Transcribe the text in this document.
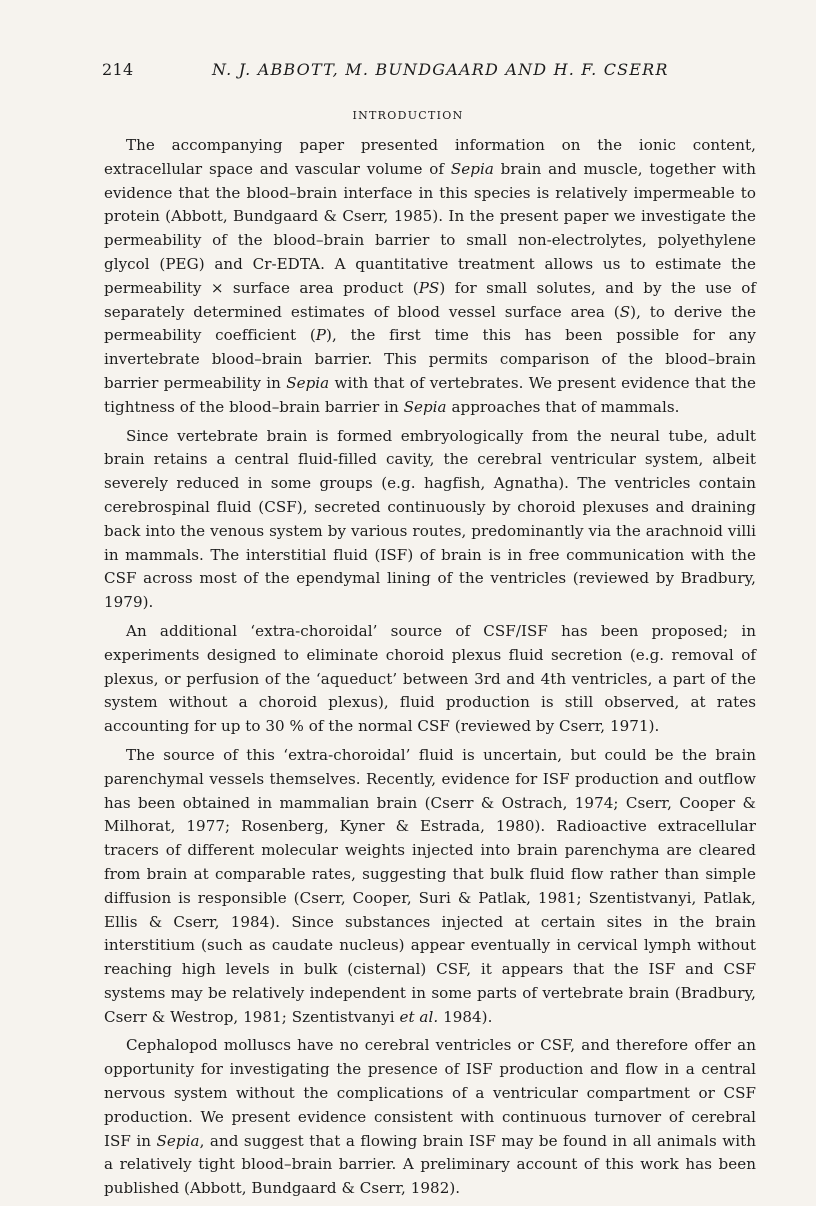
214	N. J. ABBOTT, M. BUNDGAARD AND H. F. CSERR
INTRODUCTION

The accompanying paper presented information on the ionic content, extracellular space and vascular volume of Sepia brain and muscle, together with evidence that the blood–brain interface in this species is relatively impermeable to protein (Abbott, Bundgaard & Cserr, 1985). In the present paper we investigate the permeability of the blood–brain barrier to small non-electrolytes, polyethylene glycol (PEG) and Cr-EDTA. A quantitative treatment allows us to estimate the permeability × surface area product (PS) for small solutes, and by the use of separately determined estimates of blood vessel surface area (S), to derive the permeability coefficient (P), the first time this has been possible for any invertebrate blood–brain barrier. This permits comparison of the blood–brain barrier permeability in Sepia with that of vertebrates. We present evidence that the tightness of the blood–brain barrier in Sepia approaches that of mammals.

Since vertebrate brain is formed embryologically from the neural tube, adult brain retains a central fluid-filled cavity, the cerebral ventricular system, albeit severely reduced in some groups (e.g. hagfish, Agnatha). The ventricles contain cerebrospinal fluid (CSF), secreted continuously by choroid plexuses and draining back into the venous system by various routes, predominantly via the arachnoid villi in mammals. The interstitial fluid (ISF) of brain is in free communication with the CSF across most of the ependymal lining of the ventricles (reviewed by Bradbury, 1979).

An additional ‘extra-choroidal’ source of CSF/ISF has been proposed; in experiments designed to eliminate choroid plexus fluid secretion (e.g. removal of plexus, or perfusion of the ‘aqueduct’ between 3rd and 4th ventricles, a part of the system without a choroid plexus), fluid production is still observed, at rates accounting for up to 30 % of the normal CSF (reviewed by Cserr, 1971).

The source of this ‘extra-choroidal’ fluid is uncertain, but could be the brain parenchymal vessels themselves. Recently, evidence for ISF production and outflow has been obtained in mammalian brain (Cserr & Ostrach, 1974; Cserr, Cooper & Milhorat, 1977; Rosenberg, Kyner & Estrada, 1980). Radioactive extracellular tracers of different molecular weights injected into brain parenchyma are cleared from brain at comparable rates, suggesting that bulk fluid flow rather than simple diffusion is responsible (Cserr, Cooper, Suri & Patlak, 1981; Szentistvanyi, Patlak, Ellis & Cserr, 1984). Since substances injected at certain sites in the brain interstitium (such as caudate nucleus) appear eventually in cervical lymph without reaching high levels in bulk (cisternal) CSF, it appears that the ISF and CSF systems may be relatively independent in some parts of vertebrate brain (Bradbury, Cserr & Westrop, 1981; Szentistvanyi et al. 1984).

Cephalopod molluscs have no cerebral ventricles or CSF, and therefore offer an opportunity for investigating the presence of ISF production and flow in a central nervous system without the complications of a ventricular compartment or CSF production. We present evidence consistent with continuous turnover of cerebral ISF in Sepia, and suggest that a flowing brain ISF may be found in all animals with a relatively tight blood–brain barrier. A preliminary account of this work has been published (Abbott, Bundgaard & Cserr, 1982).
